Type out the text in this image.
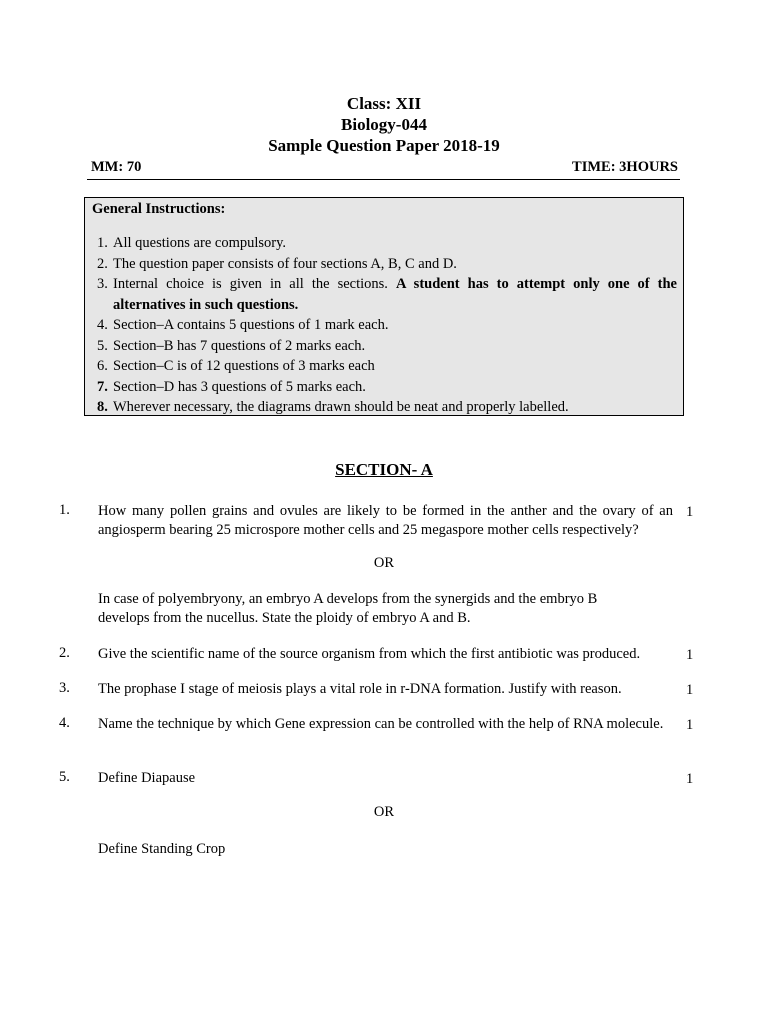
Class: XII
Biology-044
Sample Question Paper 2018-19
MM: 70	TIME: 3HOURS
General Instructions:
1. All questions are compulsory.
2. The question paper consists of four sections A, B, C and D.
3. Internal choice is given in all the sections. A student has to attempt only one of the alternatives in such questions.
4. Section–A contains 5 questions of 1 mark each.
5. Section–B has 7 questions of 2 marks each.
6. Section–C is of 12 questions of 3 marks each
7. Section–D has 3 questions of 5 marks each.
8. Wherever necessary, the diagrams drawn should be neat and properly labelled.
SECTION- A
1. How many pollen grains and ovules are likely to be formed in the anther and the ovary of an angiosperm bearing 25 microspore mother cells and 25 megaspore mother cells respectively?
1
OR
In case of polyembryony, an embryo A develops from the synergids and the embryo B develops from the nucellus. State the ploidy of embryo A and B.
2. Give the scientific name of the source organism from which the first antibiotic was produced.	1
3. The prophase I stage of meiosis plays a vital role in r-DNA formation. Justify with reason.	1
4. Name the technique by which Gene expression can be controlled with the help of RNA molecule.	1
5. Define Diapause	1
OR
Define Standing Crop
